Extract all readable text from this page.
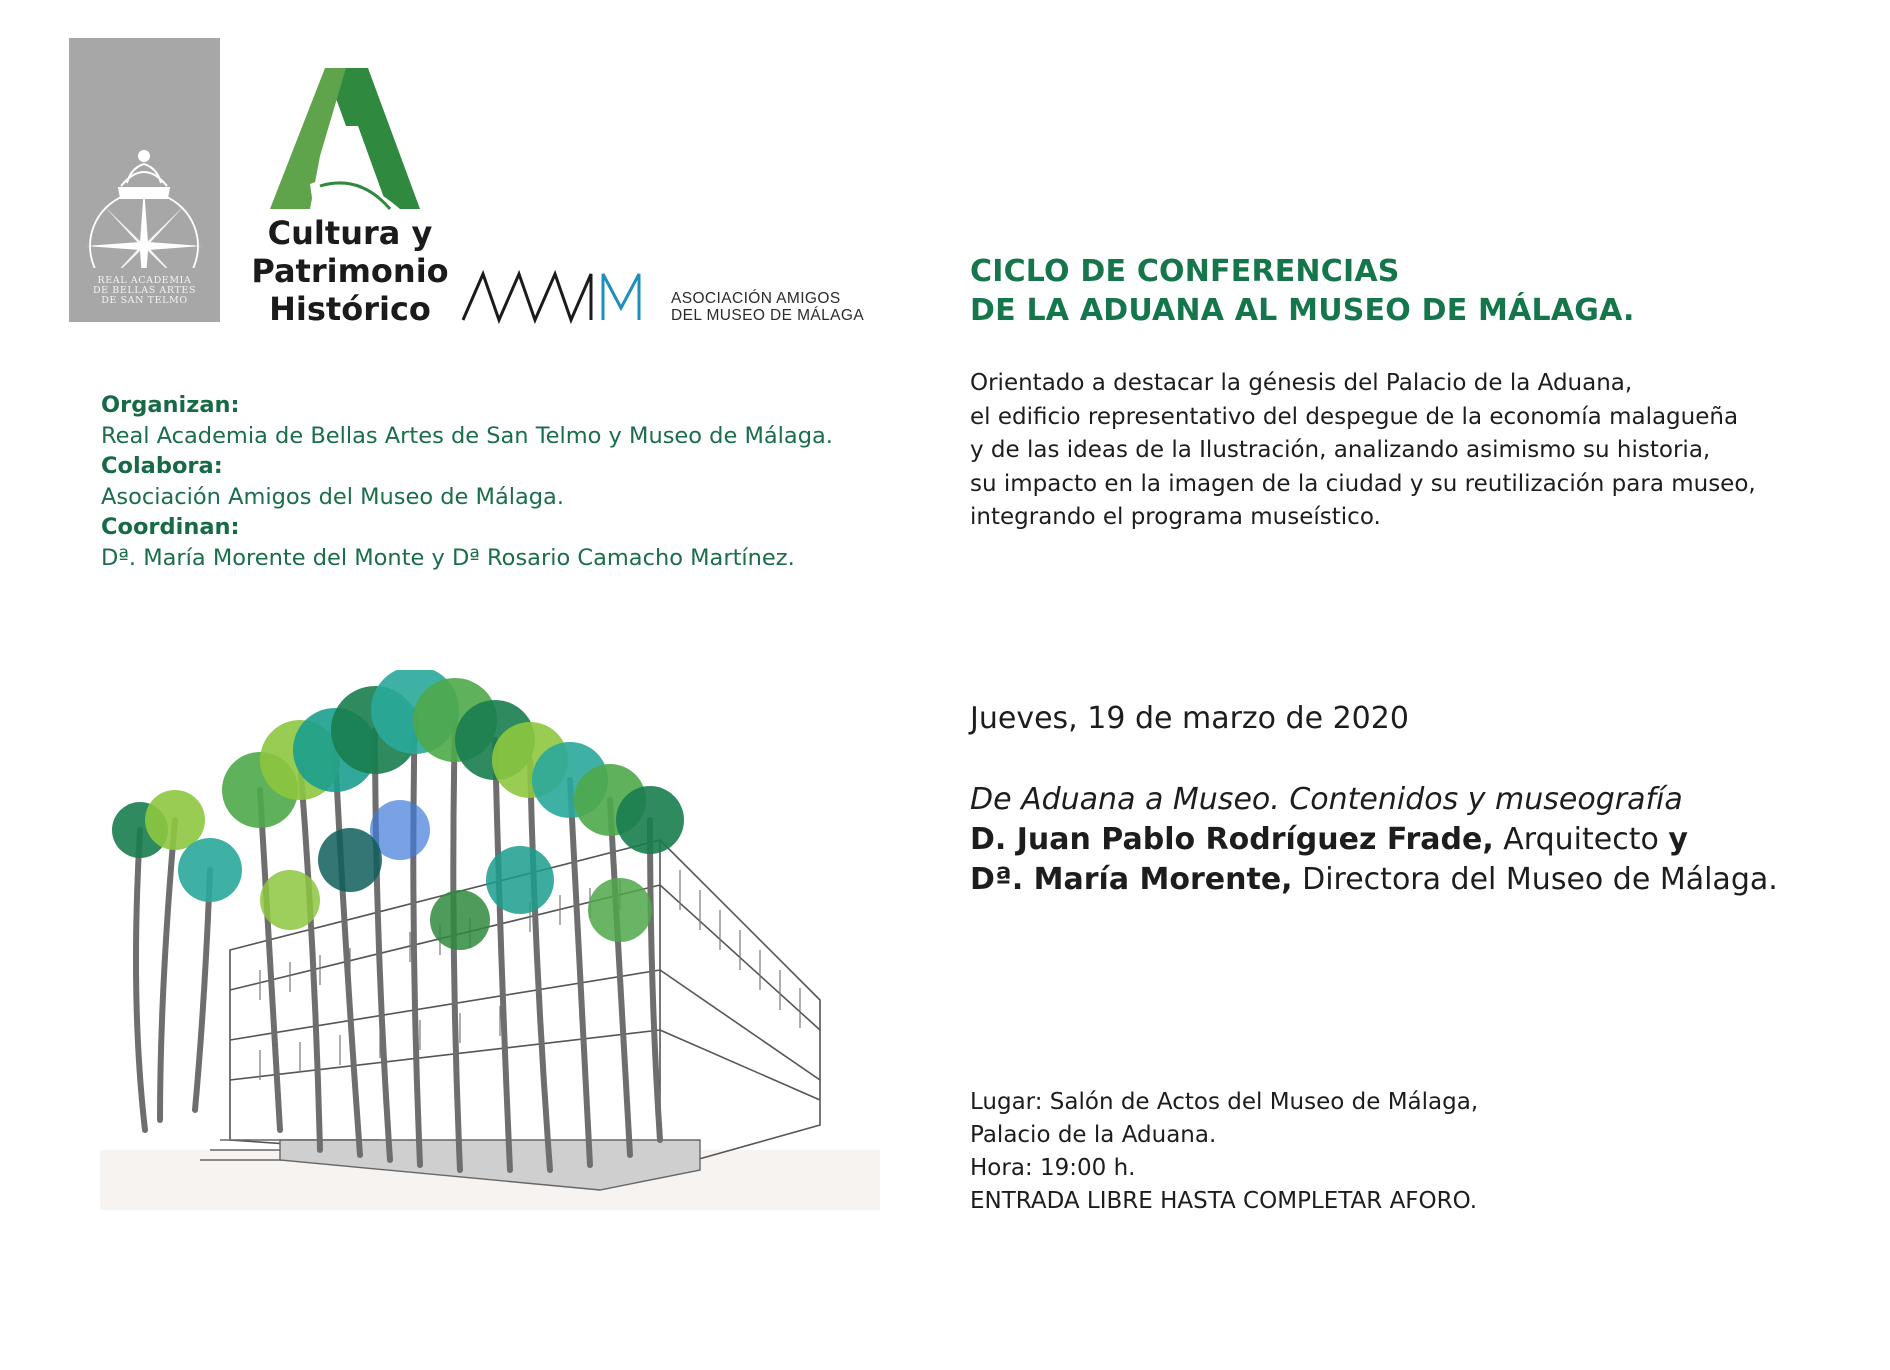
REAL ACADEMIA
DE BELLAS ARTES
DE SAN TELMO
Cultura y
Patrimonio
Histórico	ASOCIACIÓN AMIGOS
DEL MUSEO DE MÁLAGA
Organizan:
Real Academia de Bellas Artes de San Telmo y Museo de Málaga.
Colabora:
Asociación Amigos del Museo de Málaga.
Coordinan:
Dª. María Morente del Monte y Dª Rosario Camacho Martínez.
CICLO DE CONFERENCIAS
DE LA ADUANA AL MUSEO DE MÁLAGA.
Orientado a destacar la génesis del Palacio de la Aduana,
el edificio representativo del despegue de la economía malagueña
y de las ideas de la Ilustración, analizando asimismo su historia,
su impacto en la imagen de la ciudad y su reutilización para museo,
integrando el programa museístico.
Jueves, 19 de marzo de 2020
De Aduana a Museo. Contenidos y museografía
D. Juan Pablo Rodríguez Frade, Arquitecto y
Dª. María Morente, Directora del Museo de Málaga.
Lugar: Salón de Actos del Museo de Málaga,
Palacio de la Aduana.
Hora: 19:00 h.
ENTRADA LIBRE HASTA COMPLETAR AFORO.
